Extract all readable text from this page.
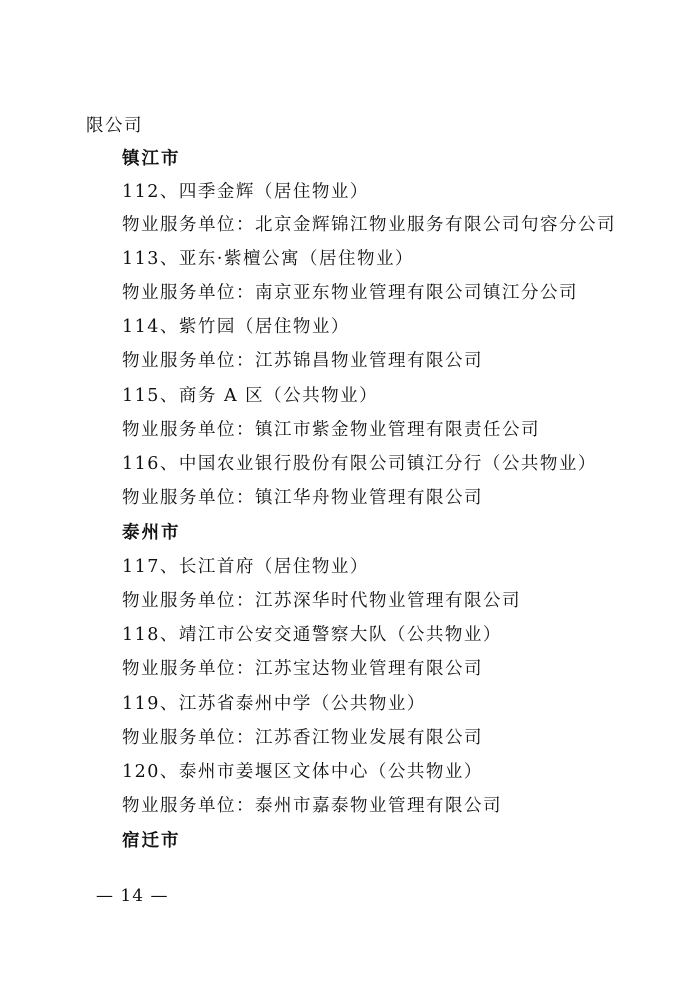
限公司
镇江市
112、四季金辉（居住物业）
物业服务单位：北京金辉锦江物业服务有限公司句容分公司
113、亚东·紫檀公寓（居住物业）
物业服务单位：南京亚东物业管理有限公司镇江分公司
114、紫竹园（居住物业）
物业服务单位：江苏锦昌物业管理有限公司
115、商务 A 区（公共物业）
物业服务单位：镇江市紫金物业管理有限责任公司
116、中国农业银行股份有限公司镇江分行（公共物业）
物业服务单位：镇江华舟物业管理有限公司
泰州市
117、长江首府（居住物业）
物业服务单位：江苏深华时代物业管理有限公司
118、靖江市公安交通警察大队（公共物业）
物业服务单位：江苏宝达物业管理有限公司
119、江苏省泰州中学（公共物业）
物业服务单位：江苏香江物业发展有限公司
120、泰州市姜堰区文体中心（公共物业）
物业服务单位：泰州市嘉泰物业管理有限公司
宿迁市
— 14 —
